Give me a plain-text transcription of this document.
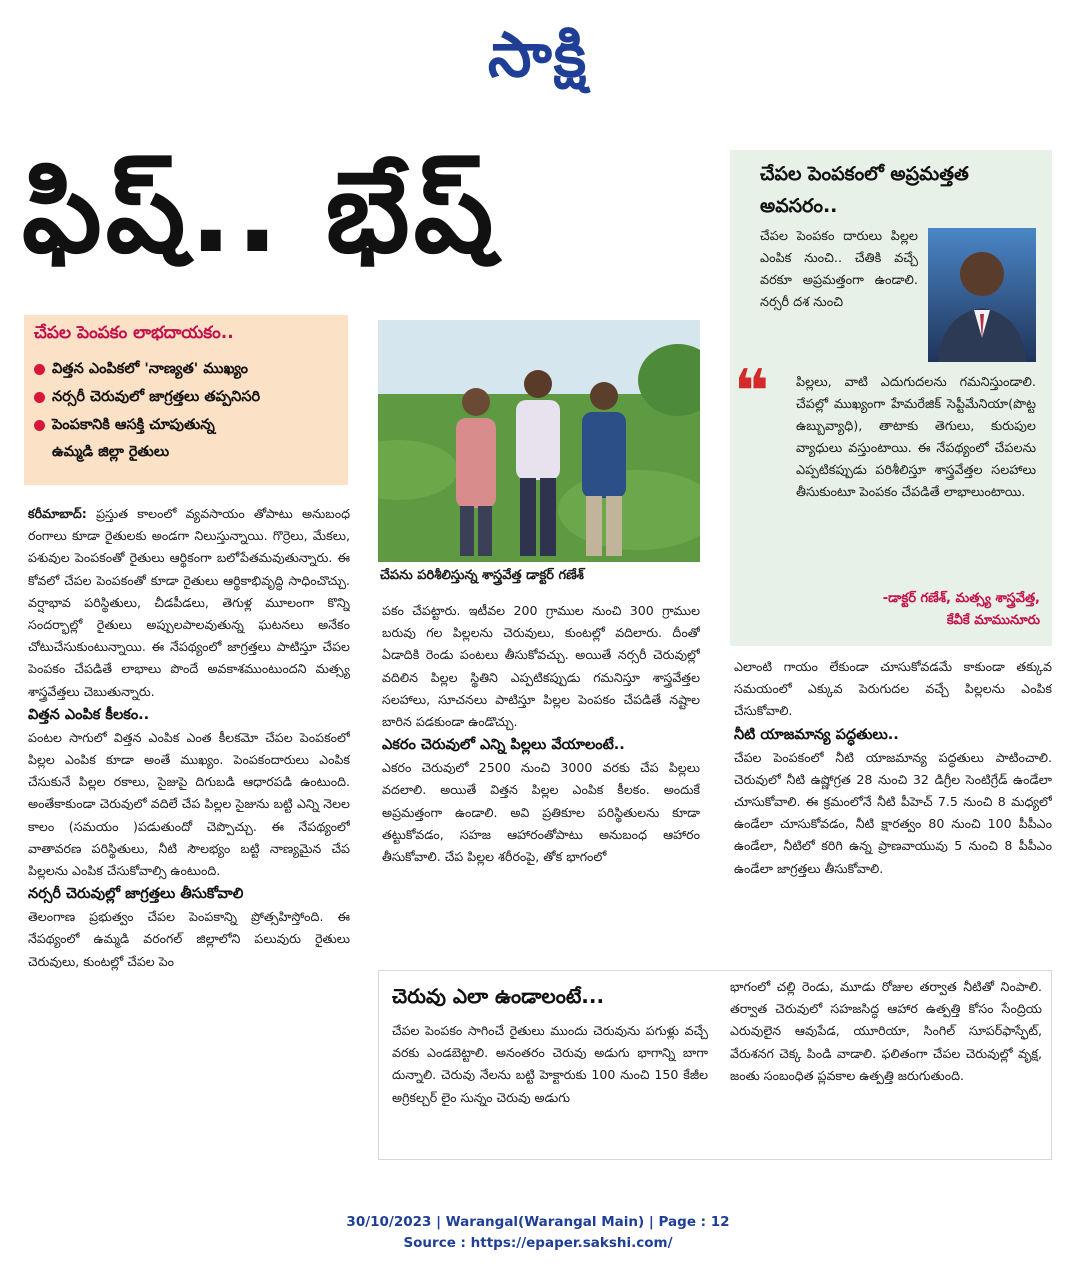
సాక్షి
ఫిష్.. భేష్
చేపల పెంపకం లాభదాయకం..
విత్తన ఎంపికలో 'నాణ్యత' ముఖ్యం
నర్సరీ చెరువులో జాగ్రత్తలు తప్పనిసరి
పెంపకానికి ఆసక్తి చూపుతున్న
ఉమ్మడి జిల్లా రైతులు

కరీమాబాద్: ప్రస్తుత కాలంలో వ్యవసాయం తోపాటు అనుబంధ రంగాలు కూడా రైతులకు అండగా నిలుస్తున్నాయి. గొర్రెలు, మేకలు, పశువుల పెంపకంతో రైతులు ఆర్థికంగా బలోపేతమవుతున్నారు. ఈ కోవలో చేపల పెంపకంతో కూడా రైతులు ఆర్థికాభివృద్ధి సాధించొచ్చు. వర్షాభావ పరిస్థితులు, చీడపీడలు, తెగుళ్ల మూలంగా కొన్ని సందర్భాల్లో రైతులు అప్పులపాలవుతున్న ఘటనలు అనేకం చోటుచేసుకుంటున్నాయి. ఈ నేపథ్యంలో జాగ్రత్తలు పాటిస్తూ చేపల పెంపకం చేపడితే లాభాలు పొందే అవకాశముంటుందని మత్స్య శాస్త్రవేత్తలు చెబుతున్నారు.

విత్తన ఎంపిక కీలకం..

పంటల సాగులో విత్తన ఎంపిక ఎంత కీలకమో చేపల పెంపకంలో పిల్లల ఎంపిక కూడా అంతే ముఖ్యం. పెంపకందారులు ఎంపిక చేసుకునే పిల్లల రకాలు, సైజుపై దిగుబడి ఆధారపడి ఉంటుంది. అంతేకాకుండా చెరువులో వదిలే చేప పిల్లల సైజును బట్టి ఎన్ని నెలల కాలం (సమయం )పడుతుందో చెప్పొచ్చు. ఈ నేపథ్యంలో వాతావరణ పరిస్థితులు, నీటి సౌలభ్యం బట్టి నాణ్యమైన చేప పిల్లలను ఎంపిక చేసుకోవాల్సి ఉంటుంది.

నర్సరీ చెరువుల్లో జాగ్రత్తలు తీసుకోవాలి

తెలంగాణ ప్రభుత్వం చేపల పెంపకాన్ని ప్రోత్సహిస్తోంది. ఈ నేపథ్యంలో ఉమ్మడి వరంగల్ జిల్లాలోని పలువురు రైతులు చెరువులు, కుంటల్లో చేపల పెం

చేపను పరిశీలిస్తున్న శాస్త్రవేత్త డాక్టర్ గణేశ్

పకం చేపట్టారు. ఇటీవల 200 గ్రాముల నుంచి 300 గ్రాముల బరువు గల పిల్లలను చెరువులు, కుంటల్లో వదిలారు. దీంతో ఏడాదికి రెండు పంటలు తీసుకోవచ్చు. అయితే నర్సరీ చెరువుల్లో వదిలిన పిల్లల స్థితిని ఎప్పటికప్పుడు గమనిస్తూ శాస్త్రవేత్తల సలహాలు, సూచనలు పాటిస్తూ పిల్లల పెంపకం చేపడితే నష్టాల బారిన పడకుండా ఉండొచ్చు.

ఎకరం చెరువులో ఎన్ని పిల్లలు వేయాలంటే..

ఎకరం చెరువులో 2500 నుంచి 3000 వరకు చేప పిల్లలు వదలాలి. అయితే విత్తన పిల్లల ఎంపిక కీలకం. అందుకే అప్రమత్తంగా ఉండాలి. అవి ప్రతికూల పరిస్థితులను కూడా తట్టుకోవడం, సహజ ఆహారంతోపాటు అనుబంధ ఆహారం తీసుకోవాలి. చేప పిల్లల శరీరంపై, తోక భాగంలో

చేపల పెంపకంలో అప్రమత్తత అవసరం..
చేపల పెంపకం దారులు పిల్లల ఎంపిక నుంచి.. చేతికి వచ్చే వరకూ అప్రమత్తంగా ఉండాలి. నర్సరీ దశ నుంచి
❝ పిల్లలు, వాటి ఎదుగుదలను గమనిస్తుండాలి. చేపల్లో ముఖ్యంగా హేమరేజిక్ సెప్టీమేనియా(పొట్ట ఉబ్బువ్యాధి), తాటాకు తెగులు, కురుపుల వ్యాధులు వస్తుంటాయి. ఈ నేపథ్యంలో చేపలను ఎప్పటికప్పుడు పరిశీలిస్తూ శాస్త్రవేత్తల సలహాలు తీసుకుంటూ పెంపకం చేపడితే లాభాలుంటాయి.
-డాక్టర్ గణేశ్, మత్స్య శాస్త్రవేత్త,
కేవీకే మామునూరు

ఎలాంటి గాయం లేకుండా చూసుకోవడమే కాకుండా తక్కువ సమయంలో ఎక్కువ పెరుగుదల వచ్చే పిల్లలను ఎంపిక చేసుకోవాలి.

నీటి యాజమాన్య పద్ధతులు..

చేపల పెంపకంలో నీటి యాజమాన్య పద్ధతులు పాటించాలి. చెరువులో నీటి ఉష్ణోగ్రత 28 నుంచి 32 డిగ్రీల సెంటిగ్రేడ్ ఉండేలా చూసుకోవాలి. ఈ క్రమంలోనే నీటి పీహెచ్ 7.5 నుంచి 8 మధ్యలో ఉండేలా చూసుకోవడం, నీటి క్షారత్వం 80 నుంచి 100 పీపీఎం ఉండేలా, నీటిలో కరిగి ఉన్న ప్రాణవాయువు 5 నుంచి 8 పీపీఎం ఉండేలా జాగ్రత్తలు తీసుకోవాలి.

చెరువు ఎలా ఉండాలంటే...
చేపల పెంపకం సాగించే రైతులు ముందు చెరువును పగుళ్లు వచ్చే వరకు ఎండబెట్టాలి. అనంతరం చెరువు అడుగు భాగాన్ని బాగా దున్నాలి. చెరువు నేలను బట్టి హెక్టారుకు 100 నుంచి 150 కేజీల అగ్రికల్చర్ లైం సున్నం చెరువు అడుగు
భాగంలో చల్లి రెండు, మూడు రోజుల తర్వాత నీటితో నింపాలి. తర్వాత చెరువులో సహజసిద్ధ ఆహార ఉత్పత్తి కోసం సేంద్రియ ఎరువులైన ఆవుపేడ, యూరియా, సింగిల్ సూపర్‌ఫాస్ఫేట్, వేరుశనగ చెక్క పిండి వాడాలి. ఫలితంగా చేపల చెరువుల్లో వృక్ష, జంతు సంబంధిత ప్లవకాల ఉత్పత్తి జరుగుతుంది.
30/10/2023 | Warangal(Warangal Main) | Page : 12
Source : https://epaper.sakshi.com/
